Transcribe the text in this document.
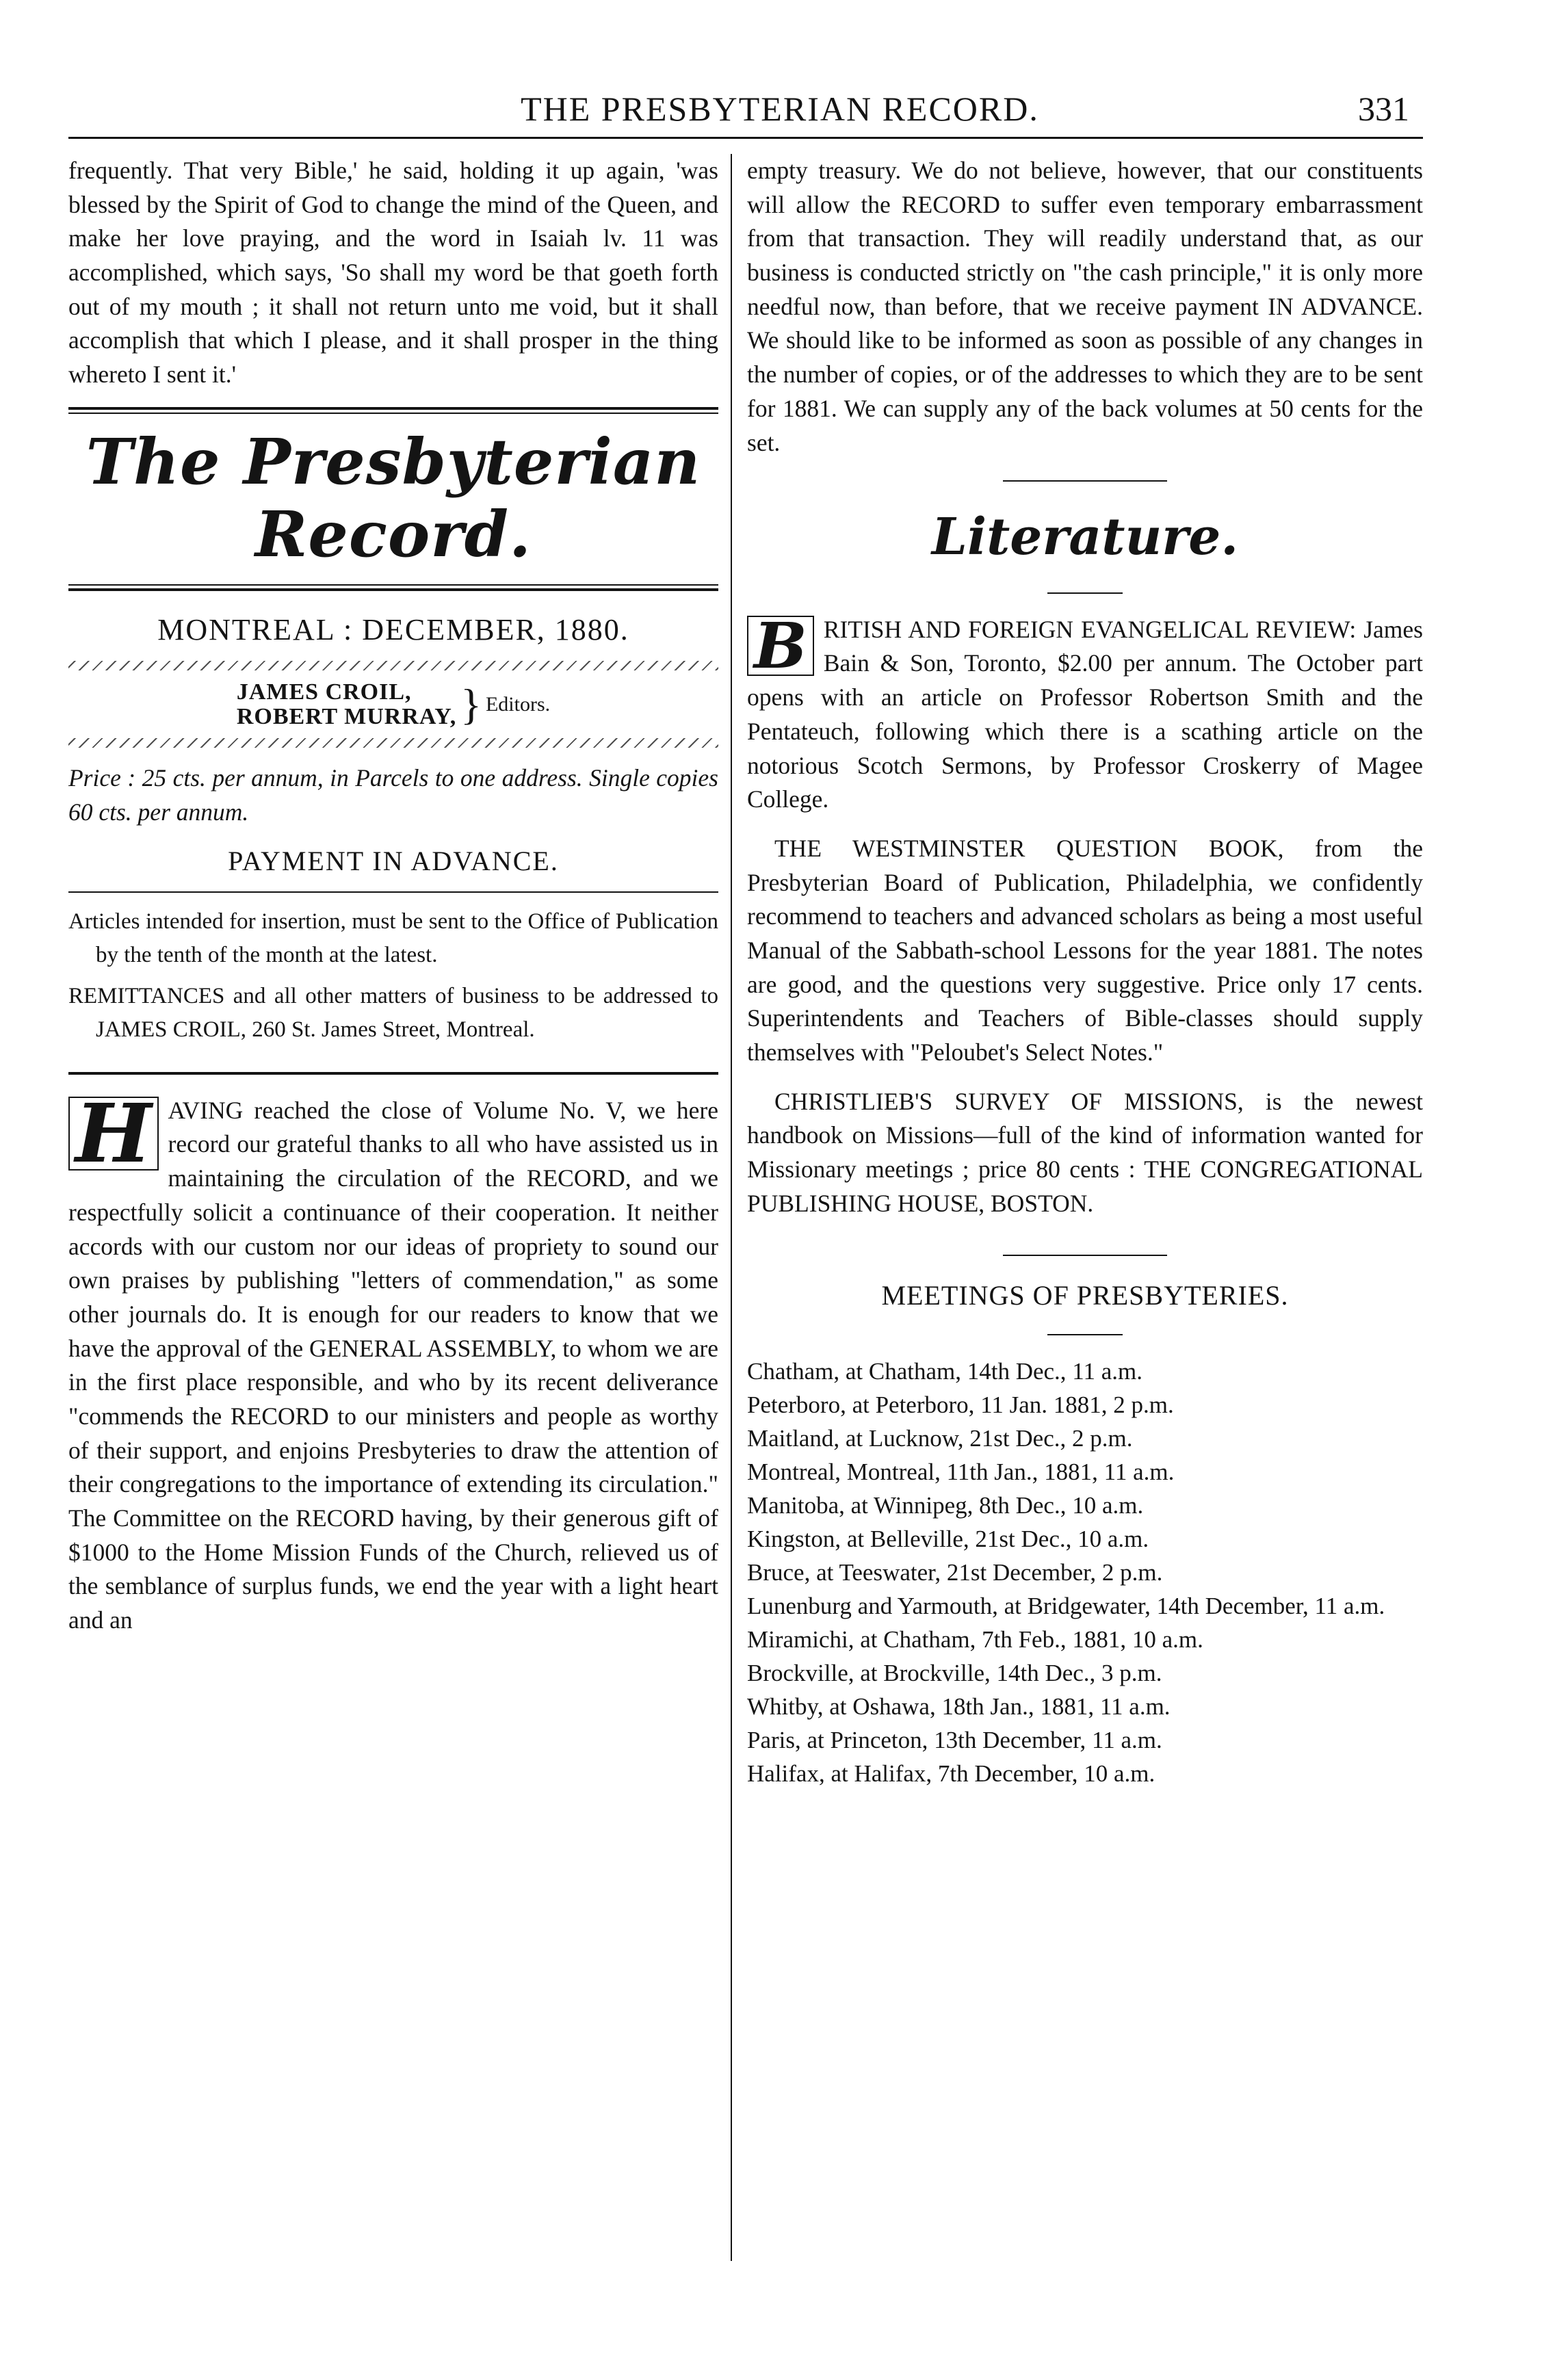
THE PRESBYTERIAN RECORD.	331

frequently. That very Bible,' he said, holding it up again, 'was blessed by the Spirit of God to change the mind of the Queen, and make her love praying, and the word in Isaiah lv. 11 was accomplished, which says, 'So shall my word be that goeth forth out of my mouth ; it shall not return unto me void, but it shall accomplish that which I please, and it shall prosper in the thing whereto I sent it.'

The Presbyterian Record.
MONTREAL : DECEMBER, 1880.
JAMES CROIL,
ROBERT MURRAY, } Editors.

Price : 25 cts. per annum, in Parcels to one address. Single copies 60 cts. per annum.

PAYMENT IN ADVANCE.

Articles intended for insertion, must be sent to the Office of Publication by the tenth of the month at the latest.

REMITTANCES and all other matters of business to be addressed to JAMES CROIL, 260 St. James Street, Montreal.

H AVING reached the close of Volume No. V, we here record our grateful thanks to all who have assisted us in maintaining the circulation of the RECORD, and we respectfully solicit a continuance of their cooperation. It neither accords with our custom nor our ideas of propriety to sound our own praises by publishing "letters of commendation," as some other journals do. It is enough for our readers to know that we have the approval of the GENERAL ASSEMBLY, to whom we are in the first place responsible, and who by its recent deliverance "commends the RECORD to our ministers and people as worthy of their support, and enjoins Presbyteries to draw the attention of their congregations to the importance of extending its circulation." The Committee on the RECORD having, by their generous gift of $1000 to the Home Mission Funds of the Church, relieved us of the semblance of surplus funds, we end the year with a light heart and an

empty treasury. We do not believe, however, that our constituents will allow the RECORD to suffer even temporary embarrassment from that transaction. They will readily understand that, as our business is conducted strictly on "the cash principle," it is only more needful now, than before, that we receive payment IN ADVANCE. We should like to be informed as soon as possible of any changes in the number of copies, or of the addresses to which they are to be sent for 1881. We can supply any of the back volumes at 50 cents for the set.

Literature.

B RITISH AND FOREIGN EVANGELICAL REVIEW: James Bain & Son, Toronto, $2.00 per annum. The October part opens with an article on Professor Robertson Smith and the Pentateuch, following which there is a scathing article on the notorious Scotch Sermons, by Professor Croskerry of Magee College.

THE WESTMINSTER QUESTION BOOK, from the Presbyterian Board of Publication, Philadelphia, we confidently recommend to teachers and advanced scholars as being a most useful Manual of the Sabbath-school Lessons for the year 1881. The notes are good, and the questions very suggestive. Price only 17 cents. Superintendents and Teachers of Bible-classes should supply themselves with "Peloubet's Select Notes."

CHRISTLIEB'S SURVEY OF MISSIONS, is the newest handbook on Missions—full of the kind of information wanted for Missionary meetings ; price 80 cents : THE CONGREGATIONAL PUBLISHING HOUSE, BOSTON.

MEETINGS OF PRESBYTERIES.
Chatham, at Chatham, 14th Dec., 11 a.m.
Peterboro, at Peterboro, 11 Jan. 1881, 2 p.m.
Maitland, at Lucknow, 21st Dec., 2 p.m.
Montreal, Montreal, 11th Jan., 1881, 11 a.m.
Manitoba, at Winnipeg, 8th Dec., 10 a.m.
Kingston, at Belleville, 21st Dec., 10 a.m.
Bruce, at Teeswater, 21st December, 2 p.m.
Lunenburg and Yarmouth, at Bridgewater, 14th December, 11 a.m.
Miramichi, at Chatham, 7th Feb., 1881, 10 a.m.
Brockville, at Brockville, 14th Dec., 3 p.m.
Whitby, at Oshawa, 18th Jan., 1881, 11 a.m.
Paris, at Princeton, 13th December, 11 a.m.
Halifax, at Halifax, 7th December, 10 a.m.
